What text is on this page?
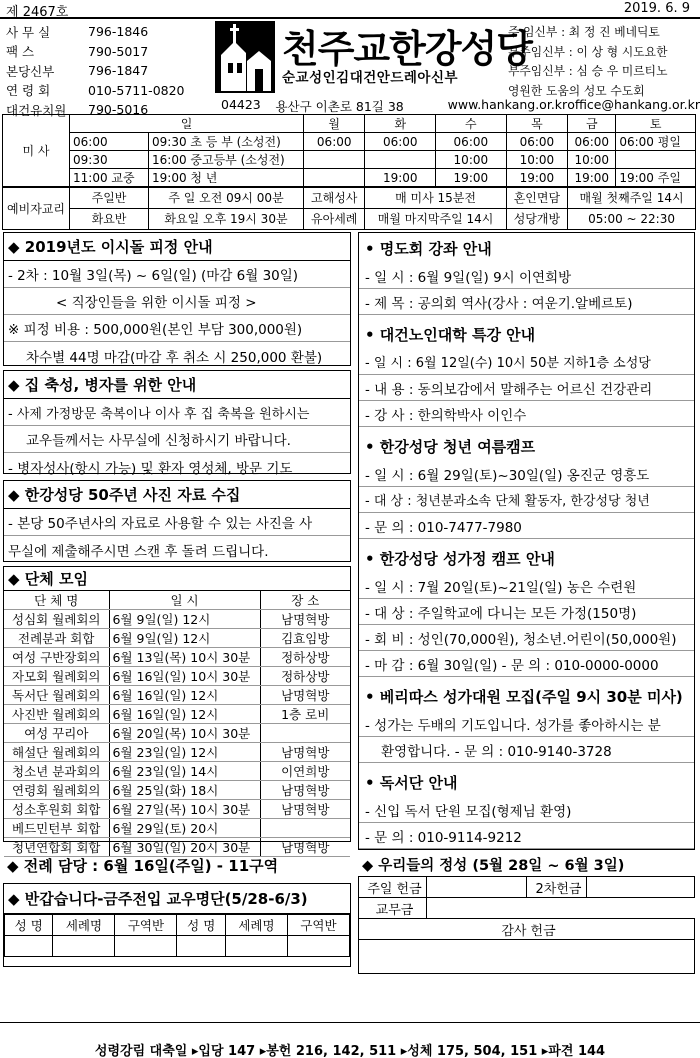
제 2467호	2019. 6. 9
사 무 실	796-1846
팩 스	790-5017
본당신부	796-1847
연 령 회	010-5711-0820
대건유치원	790-5016
천주교한강성당
순교성인김대건안드레아신부
주 임신부 : 최 정 진 베네딕토
부주임신부 : 이 상 형 시도요한
부주임신부 : 심 승 우 미르티노
영원한 도움의 성모 수도회
04423	용산구 이촌로 81길 38	www.hankang.or.kr office@hankang.or.kr
미 사	일		월	화	수	목	금	토
	06:00	09:30 초 등 부 (소성전)	06:00	06:00	06:00	06:00	06:00	06:00 평일
	09:30	16:00 중고등부 (소성전)			10:00	10:00	10:00	
	11:00 교중	19:00 청 년		19:00	19:00	19:00	19:00	19:00 주일
예비자교리	주일반	주 일 오전 09시 00분	고해성사	매 미사 15분전		혼인면담	매월 첫째주일 14시	
	화요반	화요일 오후 19시 30분	유아세례	매월 마지막주일 14시		성당개방	05:00 ~ 22:30	
◆ 2019년도 이시돌 피정 안내
- 2차 : 10월 3일(목) ~ 6일(일) (마감 6월 30일)
< 직장인들을 위한 이시돌 피정 >
※ 피정 비용 : 500,000원(본인 부담 300,000원)
차수별 44명 마감(마감 후 취소 시 250,000 환불)
◆ 집 축성, 병자를 위한 안내
- 사제 가정방문 축복이나 이사 후 집 축복을 원하시는
교우들께서는 사무실에 신청하시기 바랍니다.
- 병자성사(항시 가능) 및 환자 영성체, 방문 기도
◆ 한강성당 50주년 사진 자료 수집
- 본당 50주년사의 자료로 사용할 수 있는 사진을 사
무실에 제출해주시면 스캔 후 돌려 드립니다.
◆ 단체 모임
단 체 명	일 시	장 소
성심회 월례회의	6월 9일(일) 12시	남명혁방
전례분과 회합	6월 9일(일) 12시	김효임방
여성 구반장회의	6월 13일(목) 10시 30분	정하상방
자모회 월례회의	6월 16일(일) 10시 30분	정하상방
독서단 월례회의	6월 16일(일) 12시	남명혁방
사진반 월례회의	6월 16일(일) 12시	1층 로비
여성 꾸리아	6월 20일(목) 10시 30분	
해설단 월례회의	6월 23일(일) 12시	남명혁방
청소년 분과회의	6월 23일(일) 14시	이연희방
연령회 월례회의	6월 25일(화) 18시	남명혁방
성소후원회 회합	6월 27일(목) 10시 30분	남명혁방
베드민턴부 회합	6월 29일(토) 20시	
청년연합회 회합	6월 30일(일) 20시 30분	남명혁방
◆ 전례 담당 : 6월 16일(주일) - 11구역
◆ 반갑습니다-금주전입 교우명단(5/28-6/3)
성 명	세례명	구역반	성 명	세례명	구역반

• 명도회 강좌 안내
- 일 시 : 6월 9일(일) 9시 이연희방
- 제 목 : 공의회 역사(강사 : 여운기.알베르토)
• 대건노인대학 특강 안내
- 일 시 : 6월 12일(수) 10시 50분 지하1층 소성당
- 내 용 : 동의보감에서 말해주는 어르신 건강관리
- 강 사 : 한의학박사 이인수
• 한강성당 청년 여름캠프
- 일 시 : 6월 29일(토)~30일(일) 옹진군 영흥도
- 대 상 : 청년분과소속 단체 활동자, 한강성당 청년
- 문 의 : 010-7477-7980
• 한강성당 성가정 캠프 안내
- 일 시 : 7월 20일(토)~21일(일) 농은 수련원
- 대 상 : 주일학교에 다니는 모든 가정(150명)
- 회 비 : 성인(70,000원), 청소년.어린이(50,000원)
- 마 감 : 6월 30일(일) - 문 의 : 010-0000-0000
• 베리따스 성가대원 모집(주일 9시 30분 미사)
- 성가는 두배의 기도입니다. 성가를 좋아하시는 분
환영합니다. - 문 의 : 010-9140-3728
• 독서단 안내
- 신입 독서 단원 모집(형제님 환영)
- 문 의 : 010-9114-9212
◆ 우리들의 정성 (5월 28일 ~ 6월 3일)
주일 헌금		2차헌금	
교무금			
감사 헌금			

성령강림 대축일 ▸입당 147 ▸봉헌 216, 142, 511 ▸성체 175, 504, 151 ▸파견 144
